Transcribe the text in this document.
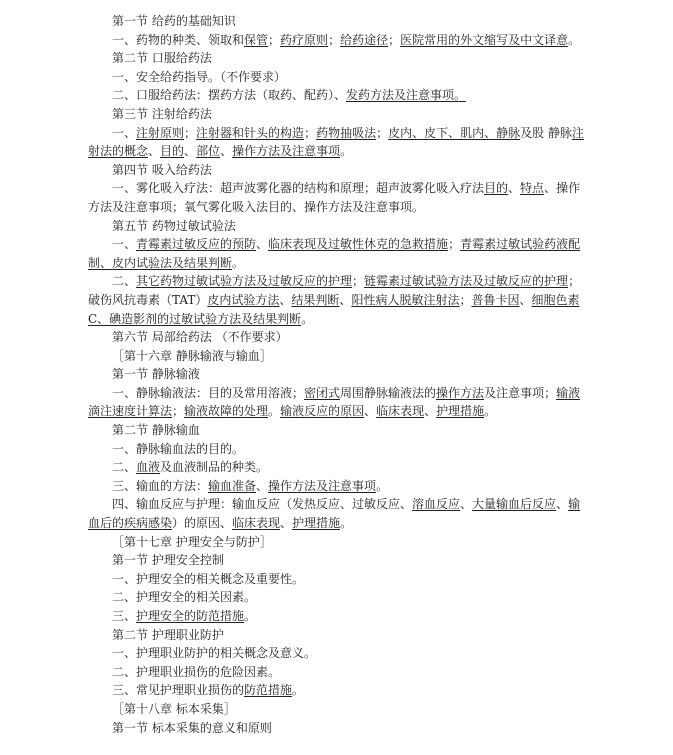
第一节 给药的基础知识
一、药物的种类、领取和保管；药疗原则；给药途径；医院常用的外文缩写及中文译意。
第二节 口服给药法
一、安全给药指导。（不作要求）
二、口服给药法：摆药方法（取药、配药）、发药方法及注意事项。
第三节 注射给药法
一、注射原则；注射器和针头的构造；药物抽吸法；皮内、皮下、肌内、静脉及股 静脉注射法的概念、目的、部位、操作方法及注意事项。
第四节 吸入给药法
一、雾化吸入疗法：超声波雾化器的结构和原理；超声波雾化吸入疗法目的、特点、操作方法及注意事项；氧气雾化吸入法目的、操作方法及注意事项。
第五节 药物过敏试验法
一、青霉素过敏反应的预防、临床表现及过敏性休克的急救措施；青霉素过敏试验药液配制、皮内试验法及结果判断。
二、其它药物过敏试验方法及过敏反应的护理；链霉素过敏试验方法及过敏反应的护理；破伤风抗毒素（TAT）皮内试验方法、结果判断、阳性病人脱敏注射法；普鲁卡因、细胞色素C、碘造影剂的过敏试验方法及结果判断。
第六节 局部给药法 （不作要求）
［第十六章 静脉输液与输血］
第一节 静脉输液
一、静脉输液法：目的及常用溶液；密闭式周围静脉输液法的操作方法及注意事项；输液滴注速度计算法；输液故障的处理。输液反应的原因、临床表现、护理措施。
第二节 静脉输血
一、静脉输血法的目的。
二、血液及血液制品的种类。
三、输血的方法：输血准备、操作方法及注意事项。
四、输血反应与护理：输血反应（发热反应、过敏反应、溶血反应、大量输血后反应、输血后的疾病感染）的原因、临床表现、护理措施。
［第十七章 护理安全与防护］
第一节 护理安全控制
一、护理安全的相关概念及重要性。
二、护理安全的相关因素。
三、护理安全的防范措施。
第二节 护理职业防护
一、护理职业防护的相关概念及意义。
二、护理职业损伤的危险因素。
三、常见护理职业损伤的防范措施。
［第十八章 标本采集］
第一节 标本采集的意义和原则
